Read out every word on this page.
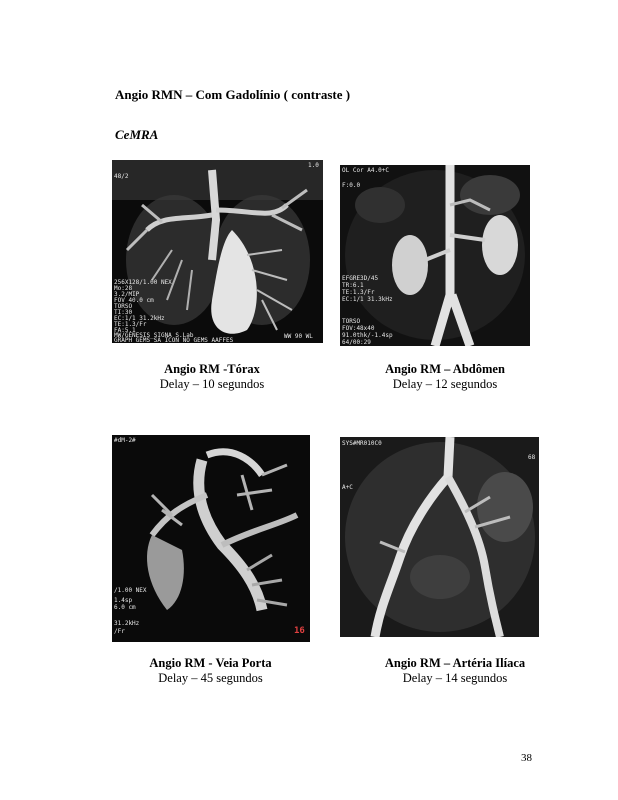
Angio RMN – Com Gadolínio ( contraste )
CeMRA
48/2
1.0
256X128/1.00 NEX
Mo:28
3.2/MIP
FOV 40.0 cm
TORSO
TI:30
EC:1/1 31.2kHz
TE:1.3/Fr
FA:5.1
MW/GENESIS_SIGNA S.Lab
GRAPH_GEMS_SA_ICON NO GEMS AAFFES
WW 90 WL
Angio RM -Tórax
Delay – 10 segundos
OL Cor A4.0+C
F:0.0
EFGRE3D/45
TR:6.1
TE:1.3/Fr
EC:1/1 31.3kHz
TORSO
FOV:48x40
91.0thk/-1.4sp
64/00:29
Angio RM – Abdômen
Delay – 12 segundos
#dM-2#
/1.00 NEX
1.4sp
6.0 cm
31.2kHz
/Fr	16
Angio RM - Veia Porta
Delay – 45 segundos
SYS#MR010C0
A+C
68
Angio RM – Artéria Ilíaca
Delay – 14 segundos
38
